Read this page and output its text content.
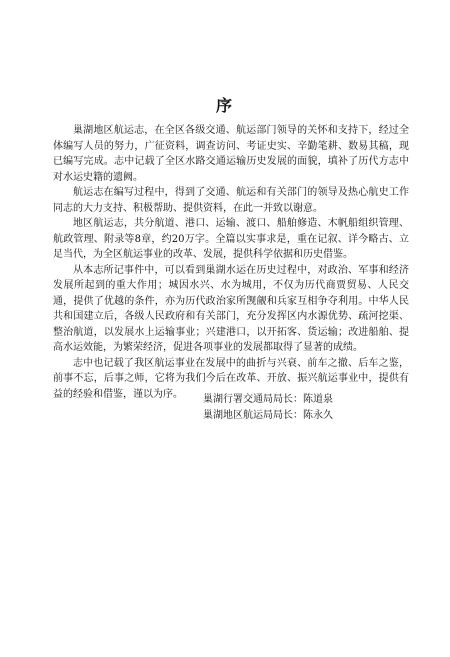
序

巢湖地区航运志，在全区各级交通、航运部门领导的关怀和支持下，经过全体编写人员的努力，广征资料，调查访问、考证史实、辛勤笔耕、数易其稿，现已编写完成。志中记载了全区水路交通运输历史发展的面貌，填补了历代方志中对水运史籍的遗阙。

航运志在编写过程中，得到了交通、航运和有关部门的领导及热心航史工作同志的大力支持、积极帮助、提供资料，在此一并致以谢意。

地区航运志，共分航道、港口、运输、渡口、船舶修造、木帆船组织管理、航政管理、附录等8章，约20万字。全篇以实事求是，重在记叙、详今略古、立足当代，为全区航运事业的改革、发展，提供科学依据和历史借鉴。

从本志所记事件中，可以看到巢湖水运在历史过程中，对政治、军事和经济发展所起到的重大作用；城因水兴、水为城用，不仅为历代商贾贸易、人民交通，提供了优越的条件，亦为历代政治家所觊觎和兵家互相争夺利用。中华人民共和国建立后，各级人民政府和有关部门，充分发挥区内水源优势、疏河挖渠、整治航道，以发展水上运输事业；兴建港口，以开拓客、货运输；改进船舶、提高水运效能，为繁荣经济，促进各项事业的发展都取得了显著的成绩。

志中也记载了我区航运事业在发展中的曲折与兴衰、前车之撤、后车之鉴，前事不忘，后事之师，它将为我们今后在改革、开放、振兴航运事业中，提供有益的经验和借鉴，谨以为序。	巢湖行署交通局局长：陈道泉
巢湖地区航运局局长：陈永久
